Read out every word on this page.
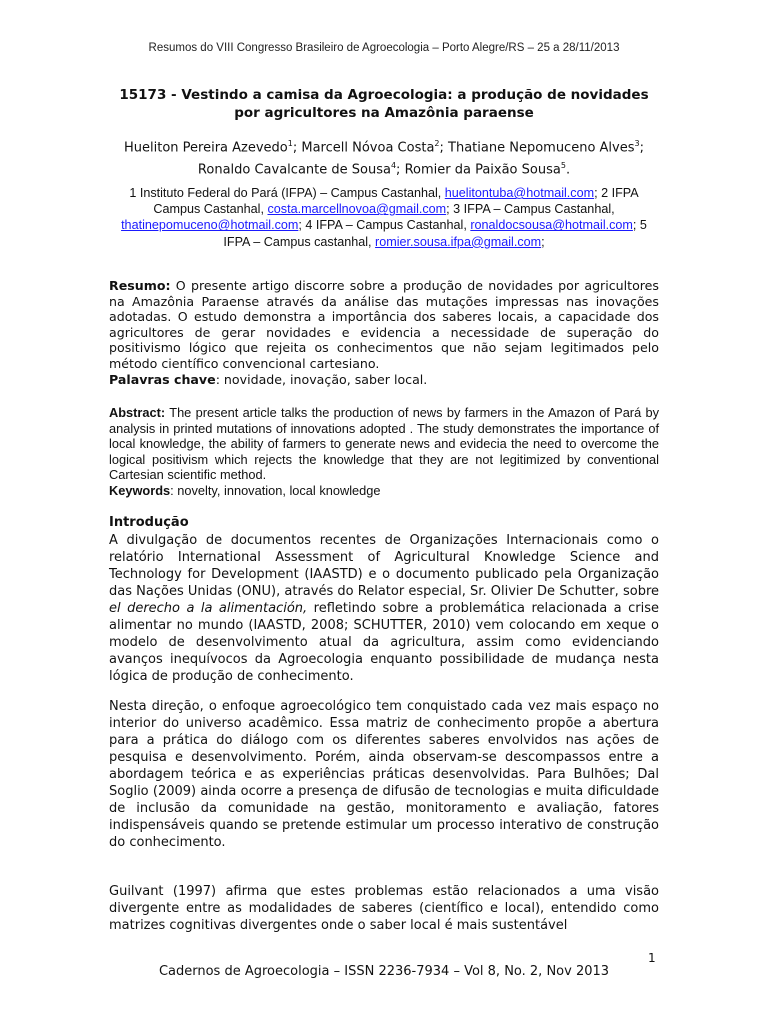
Resumos do VIII Congresso Brasileiro de Agroecologia – Porto Alegre/RS – 25 a 28/11/2013
15173 - Vestindo a camisa da Agroecologia: a produção de novidades por agricultores na Amazônia paraense
Hueliton Pereira Azevedo$^1$; Marcell Nóvoa Costa$^2$; Thatiane Nepomuceno Alves$^3$; Ronaldo Cavalcante de Sousa$^4$; Romier da Paixão Sousa$^5$.
1 Instituto Federal do Pará (IFPA) – Campus Castanhal, huelitontuba@hotmail.com; 2 IFPA Campus Castanhal, costa.marcellnovoa@gmail.com; 3 IFPA – Campus Castanhal, thatinepomuceno@hotmail.com; 4 IFPA – Campus Castanhal, ronaldocsousa@hotmail.com; 5 IFPA – Campus castanhal, romier.sousa.ifpa@gmail.com;
Resumo: O presente artigo discorre sobre a produção de novidades por agricultores na Amazônia Paraense através da análise das mutações impressas nas inovações adotadas. O estudo demonstra a importância dos saberes locais, a capacidade dos agricultores de gerar novidades e evidencia a necessidade de superação do positivismo lógico que rejeita os conhecimentos que não sejam legitimados pelo método científico convencional cartesiano.
Palavras chave: novidade, inovação, saber local.
Abstract: The present article talks the production of news by farmers in the Amazon of Pará by analysis in printed mutations of innovations adopted . The study demonstrates the importance of local knowledge, the ability of farmers to generate news and evidecia the need to overcome the logical positivism which rejects the knowledge that they are not legitimized by conventional Cartesian scientific method.
Keywords: novelty, innovation, local knowledge
Introdução
A divulgação de documentos recentes de Organizações Internacionais como o relatório International Assessment of Agricultural Knowledge Science and Technology for Development (IAASTD) e o documento publicado pela Organização das Nações Unidas (ONU), através do Relator especial, Sr. Olivier De Schutter, sobre el derecho a la alimentación, refletindo sobre a problemática relacionada a crise alimentar no mundo (IAASTD, 2008; SCHUTTER, 2010) vem colocando em xeque o modelo de desenvolvimento atual da agricultura, assim como evidenciando avanços inequívocos da Agroecologia enquanto possibilidade de mudança nesta lógica de produção de conhecimento.
Nesta direção, o enfoque agroecológico tem conquistado cada vez mais espaço no interior do universo acadêmico. Essa matriz de conhecimento propõe a abertura para a prática do diálogo com os diferentes saberes envolvidos nas ações de pesquisa e desenvolvimento. Porém, ainda observam-se descompassos entre a abordagem teórica e as experiências práticas desenvolvidas. Para Bulhões; Dal Soglio (2009) ainda ocorre a presença de difusão de tecnologias e muita dificuldade de inclusão da comunidade na gestão, monitoramento e avaliação, fatores indispensáveis quando se pretende estimular um processo interativo de construção do conhecimento.
Guilvant (1997) afirma que estes problemas estão relacionados a uma visão divergente entre as modalidades de saberes (científico e local), entendido como matrizes cognitivas divergentes onde o saber local é mais sustentável
1
Cadernos de Agroecologia – ISSN 2236-7934 – Vol 8, No. 2, Nov 2013
